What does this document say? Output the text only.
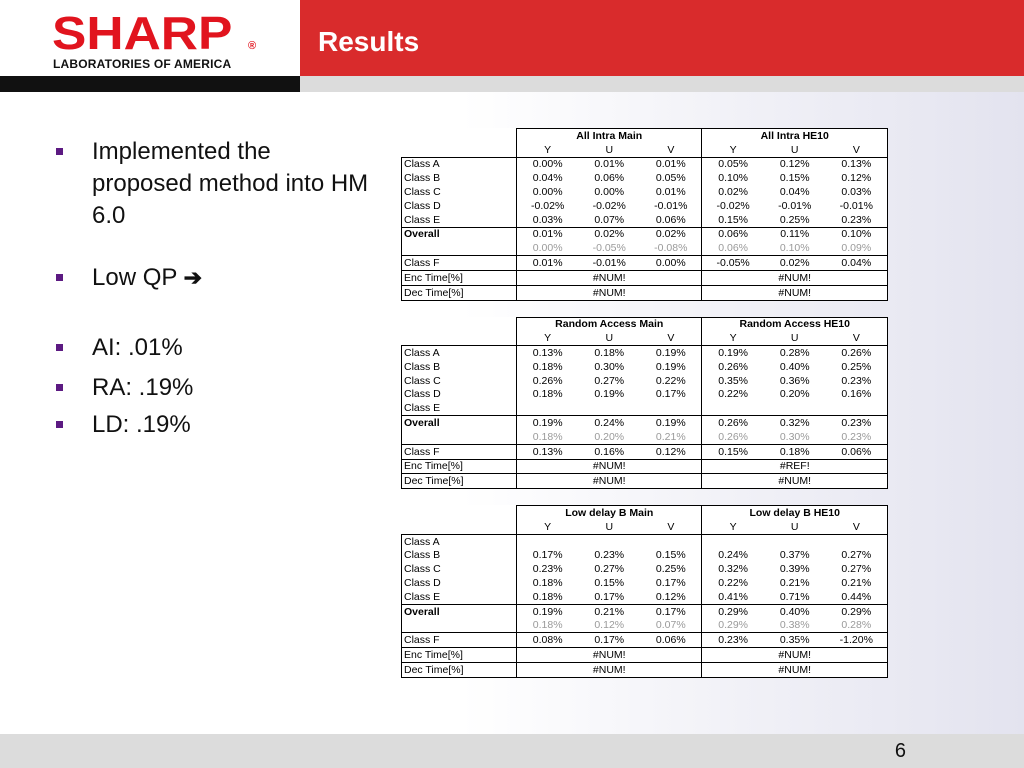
SHARP ®
LABORATORIES OF AMERICA
Results
Implemented the proposed method into HM 6.0
Low QP ➔
AI: .01%
RA: .19%
LD: .19%
	All Intra Main			All Intra HE10		
	Y	U	V	Y	U	V
Class A	0.00%	0.01%	0.01%	0.05%	0.12%	0.13%
Class B	0.04%	0.06%	0.05%	0.10%	0.15%	0.12%
Class C	0.00%	0.00%	0.01%	0.02%	0.04%	0.03%
Class D	-0.02%	-0.02%	-0.01%	-0.02%	-0.01%	-0.01%
Class E	0.03%	0.07%	0.06%	0.15%	0.25%	0.23%
Overall	0.01%	0.02%	0.02%	0.06%	0.11%	0.10%
	0.00%	-0.05%	-0.08%	0.06%	0.10%	0.09%
Class F	0.01%	-0.01%	0.00%	-0.05%	0.02%	0.04%
Enc Time[%]	#NUM!			#NUM!		
Dec Time[%]	#NUM!			#NUM!		
	Random Access Main			Random Access HE10		
	Y	U	V	Y	U	V
Class A	0.13%	0.18%	0.19%	0.19%	0.28%	0.26%
Class B	0.18%	0.30%	0.19%	0.26%	0.40%	0.25%
Class C	0.26%	0.27%	0.22%	0.35%	0.36%	0.23%
Class D	0.18%	0.19%	0.17%	0.22%	0.20%	0.16%
Class E						
Overall	0.19%	0.24%	0.19%	0.26%	0.32%	0.23%
	0.18%	0.20%	0.21%	0.26%	0.30%	0.23%
Class F	0.13%	0.16%	0.12%	0.15%	0.18%	0.06%
Enc Time[%]	#NUM!			#REF!		
Dec Time[%]	#NUM!			#NUM!		
	Low delay B Main			Low delay B HE10		
	Y	U	V	Y	U	V
Class A						
Class B	0.17%	0.23%	0.15%	0.24%	0.37%	0.27%
Class C	0.23%	0.27%	0.25%	0.32%	0.39%	0.27%
Class D	0.18%	0.15%	0.17%	0.22%	0.21%	0.21%
Class E	0.18%	0.17%	0.12%	0.41%	0.71%	0.44%
Overall	0.19%	0.21%	0.17%	0.29%	0.40%	0.29%
	0.18%	0.12%	0.07%	0.29%	0.38%	0.28%
Class F	0.08%	0.17%	0.06%	0.23%	0.35%	-1.20%
Enc Time[%]	#NUM!			#NUM!		
Dec Time[%]	#NUM!			#NUM!		
6
